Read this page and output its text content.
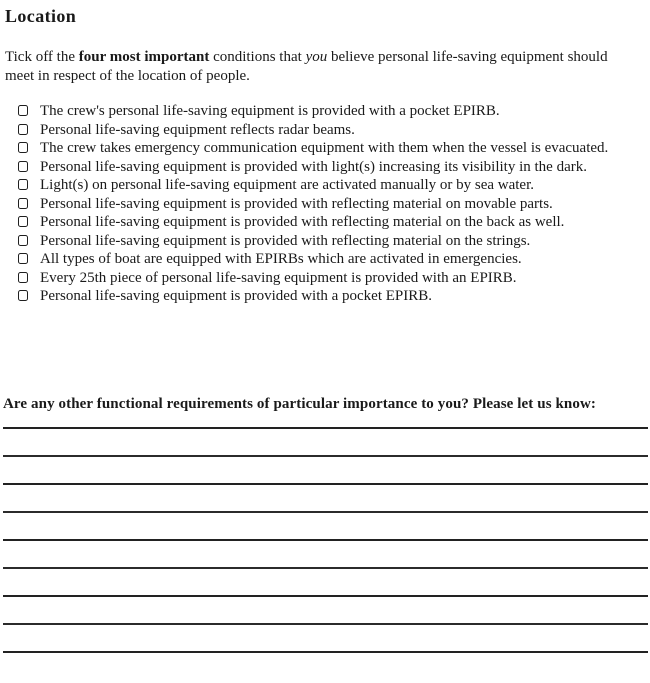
Location

Tick off the four most important conditions that you believe personal life-saving equipment should meet in respect of the location of people.

The crew's personal life-saving equipment is provided with a pocket EPIRB.
Personal life-saving equipment reflects radar beams.
The crew takes emergency communication equipment with them when the vessel is evacuated.
Personal life-saving equipment is provided with light(s) increasing its visibility in the dark.
Light(s) on personal life-saving equipment are activated manually or by sea water.
Personal life-saving equipment is provided with reflecting material on movable parts.
Personal life-saving equipment is provided with reflecting material on the back as well.
Personal life-saving equipment is provided with reflecting material on the strings.
All types of boat are equipped with EPIRBs which are activated in emergencies.
Every 25th piece of personal life-saving equipment is provided with an EPIRB.
Personal life-saving equipment is provided with a pocket EPIRB.

Are any other functional requirements of particular importance to you? Please let us know:
